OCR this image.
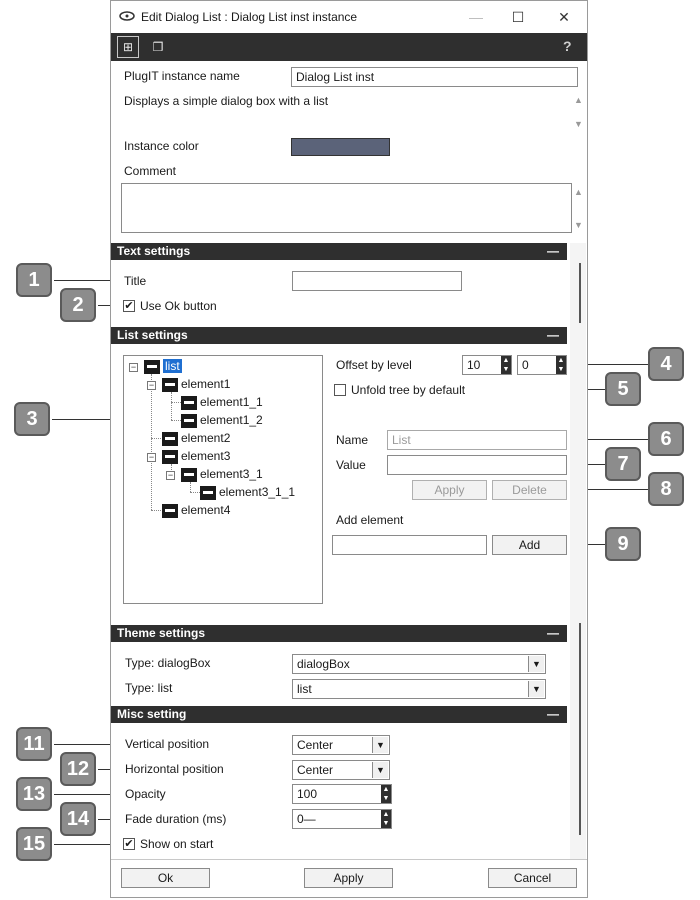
1
2
3
4
5
6
7
8
9
11
12
13
14
15
Edit Dialog List : Dialog List inst instance	—	☐	✕
⊞	❒	?
PlugIT instance name	Dialog List inst
Displays a simple dialog box with a list	▲
▼
Instance color
Comment
▲
▼
Text settings	—
Title
✔ Use Ok button
List settings	—
−	list
−	element1
element1_1
element1_2
element2
−	element3
−	element3_1
element3_1_1
element4
Offset by level	10	▲
▼	0	▲
▼
Unfold tree by default
Name	List
Value
Apply	Delete
Add element
Add
Theme settings	—
Type: dialogBox	dialogBox	▼
Type: list	list	▼
Misc setting	—
Vertical position	Center	▼
Horizontal position	Center	▼
Opacity	100	▲
▼
Fade duration (ms)	0—	▲
▼
✔ Show on start
Ok	Apply	Cancel
